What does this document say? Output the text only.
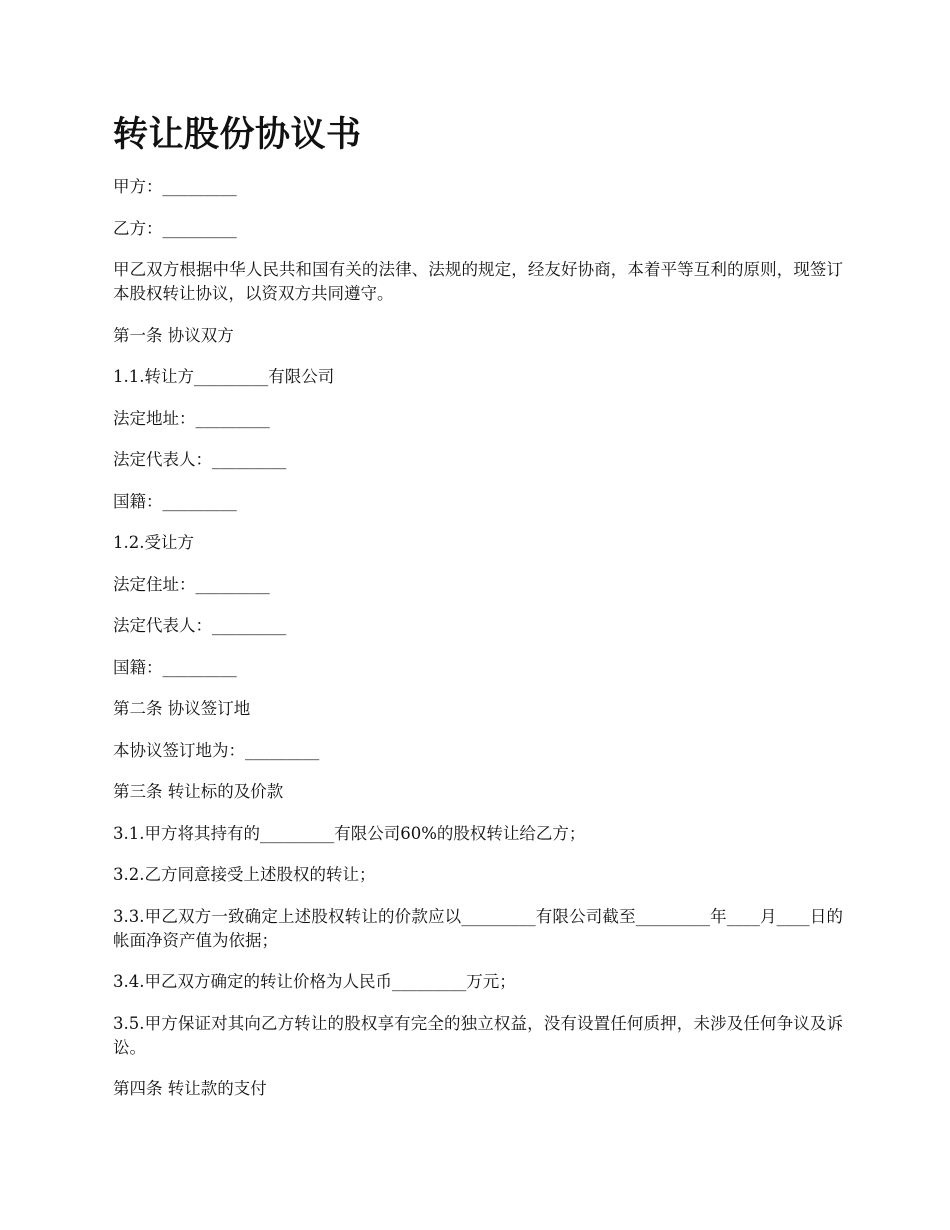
转让股份协议书

甲方：_________

乙方：_________

甲乙双方根据中华人民共和国有关的法律、法规的规定，经友好协商，本着平等互利的原则，现签订本股权转让协议，以资双方共同遵守。

第一条 协议双方

1.1.转让方_________有限公司

法定地址：_________

法定代表人：_________

国籍：_________

1.2.受让方

法定住址：_________

法定代表人：_________

国籍：_________

第二条 协议签订地

本协议签订地为：_________

第三条 转让标的及价款

3.1.甲方将其持有的_________有限公司60%的股权转让给乙方；

3.2.乙方同意接受上述股权的转让；

3.3.甲乙双方一致确定上述股权转让的价款应以_________有限公司截至_________年____月____日的帐面净资产值为依据；

3.4.甲乙双方确定的转让价格为人民币_________万元；

3.5.甲方保证对其向乙方转让的股权享有完全的独立权益，没有设置任何质押，未涉及任何争议及诉讼。

第四条 转让款的支付
